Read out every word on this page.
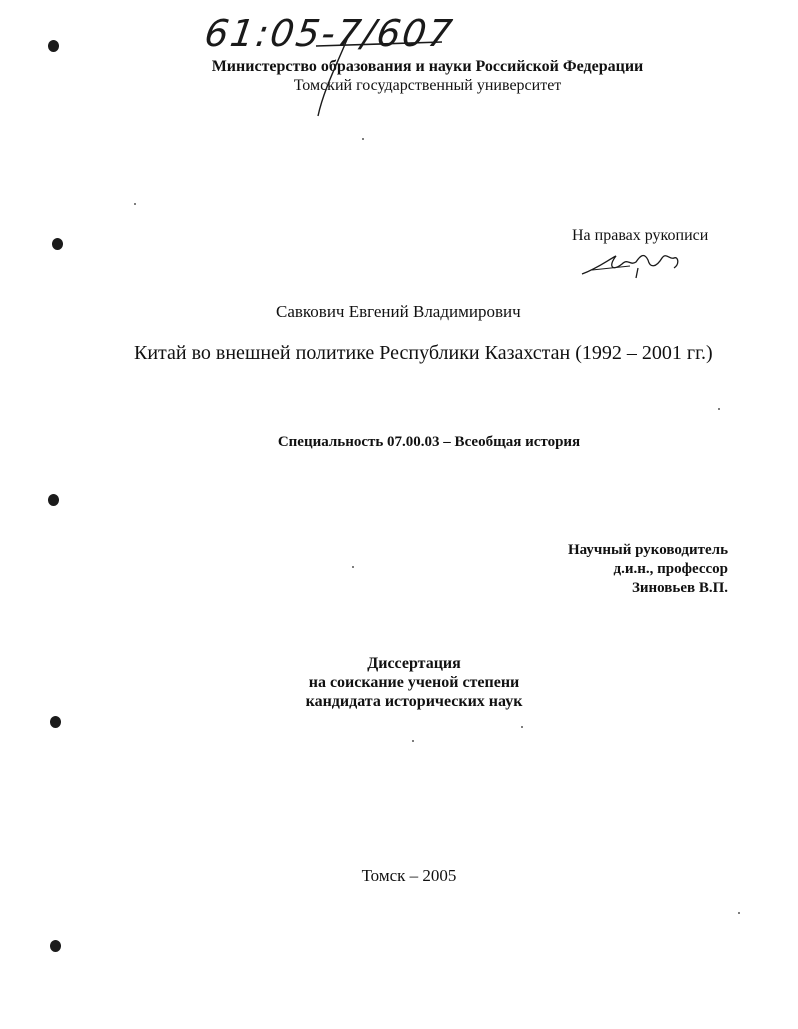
61:05-7/607
Министерство образования и науки Российской Федерации
Томский государственный университет
На правах рукописи
Савкович Евгений Владимирович
Китай во внешней политике Республики Казахстан (1992 – 2001 гг.)
Специальность 07.00.03 – Всеобщая история
Научный руководитель
д.и.н., профессор
Зиновьев В.П.
Диссертация
на соискание ученой степени
кандидата исторических наук
Томск – 2005
